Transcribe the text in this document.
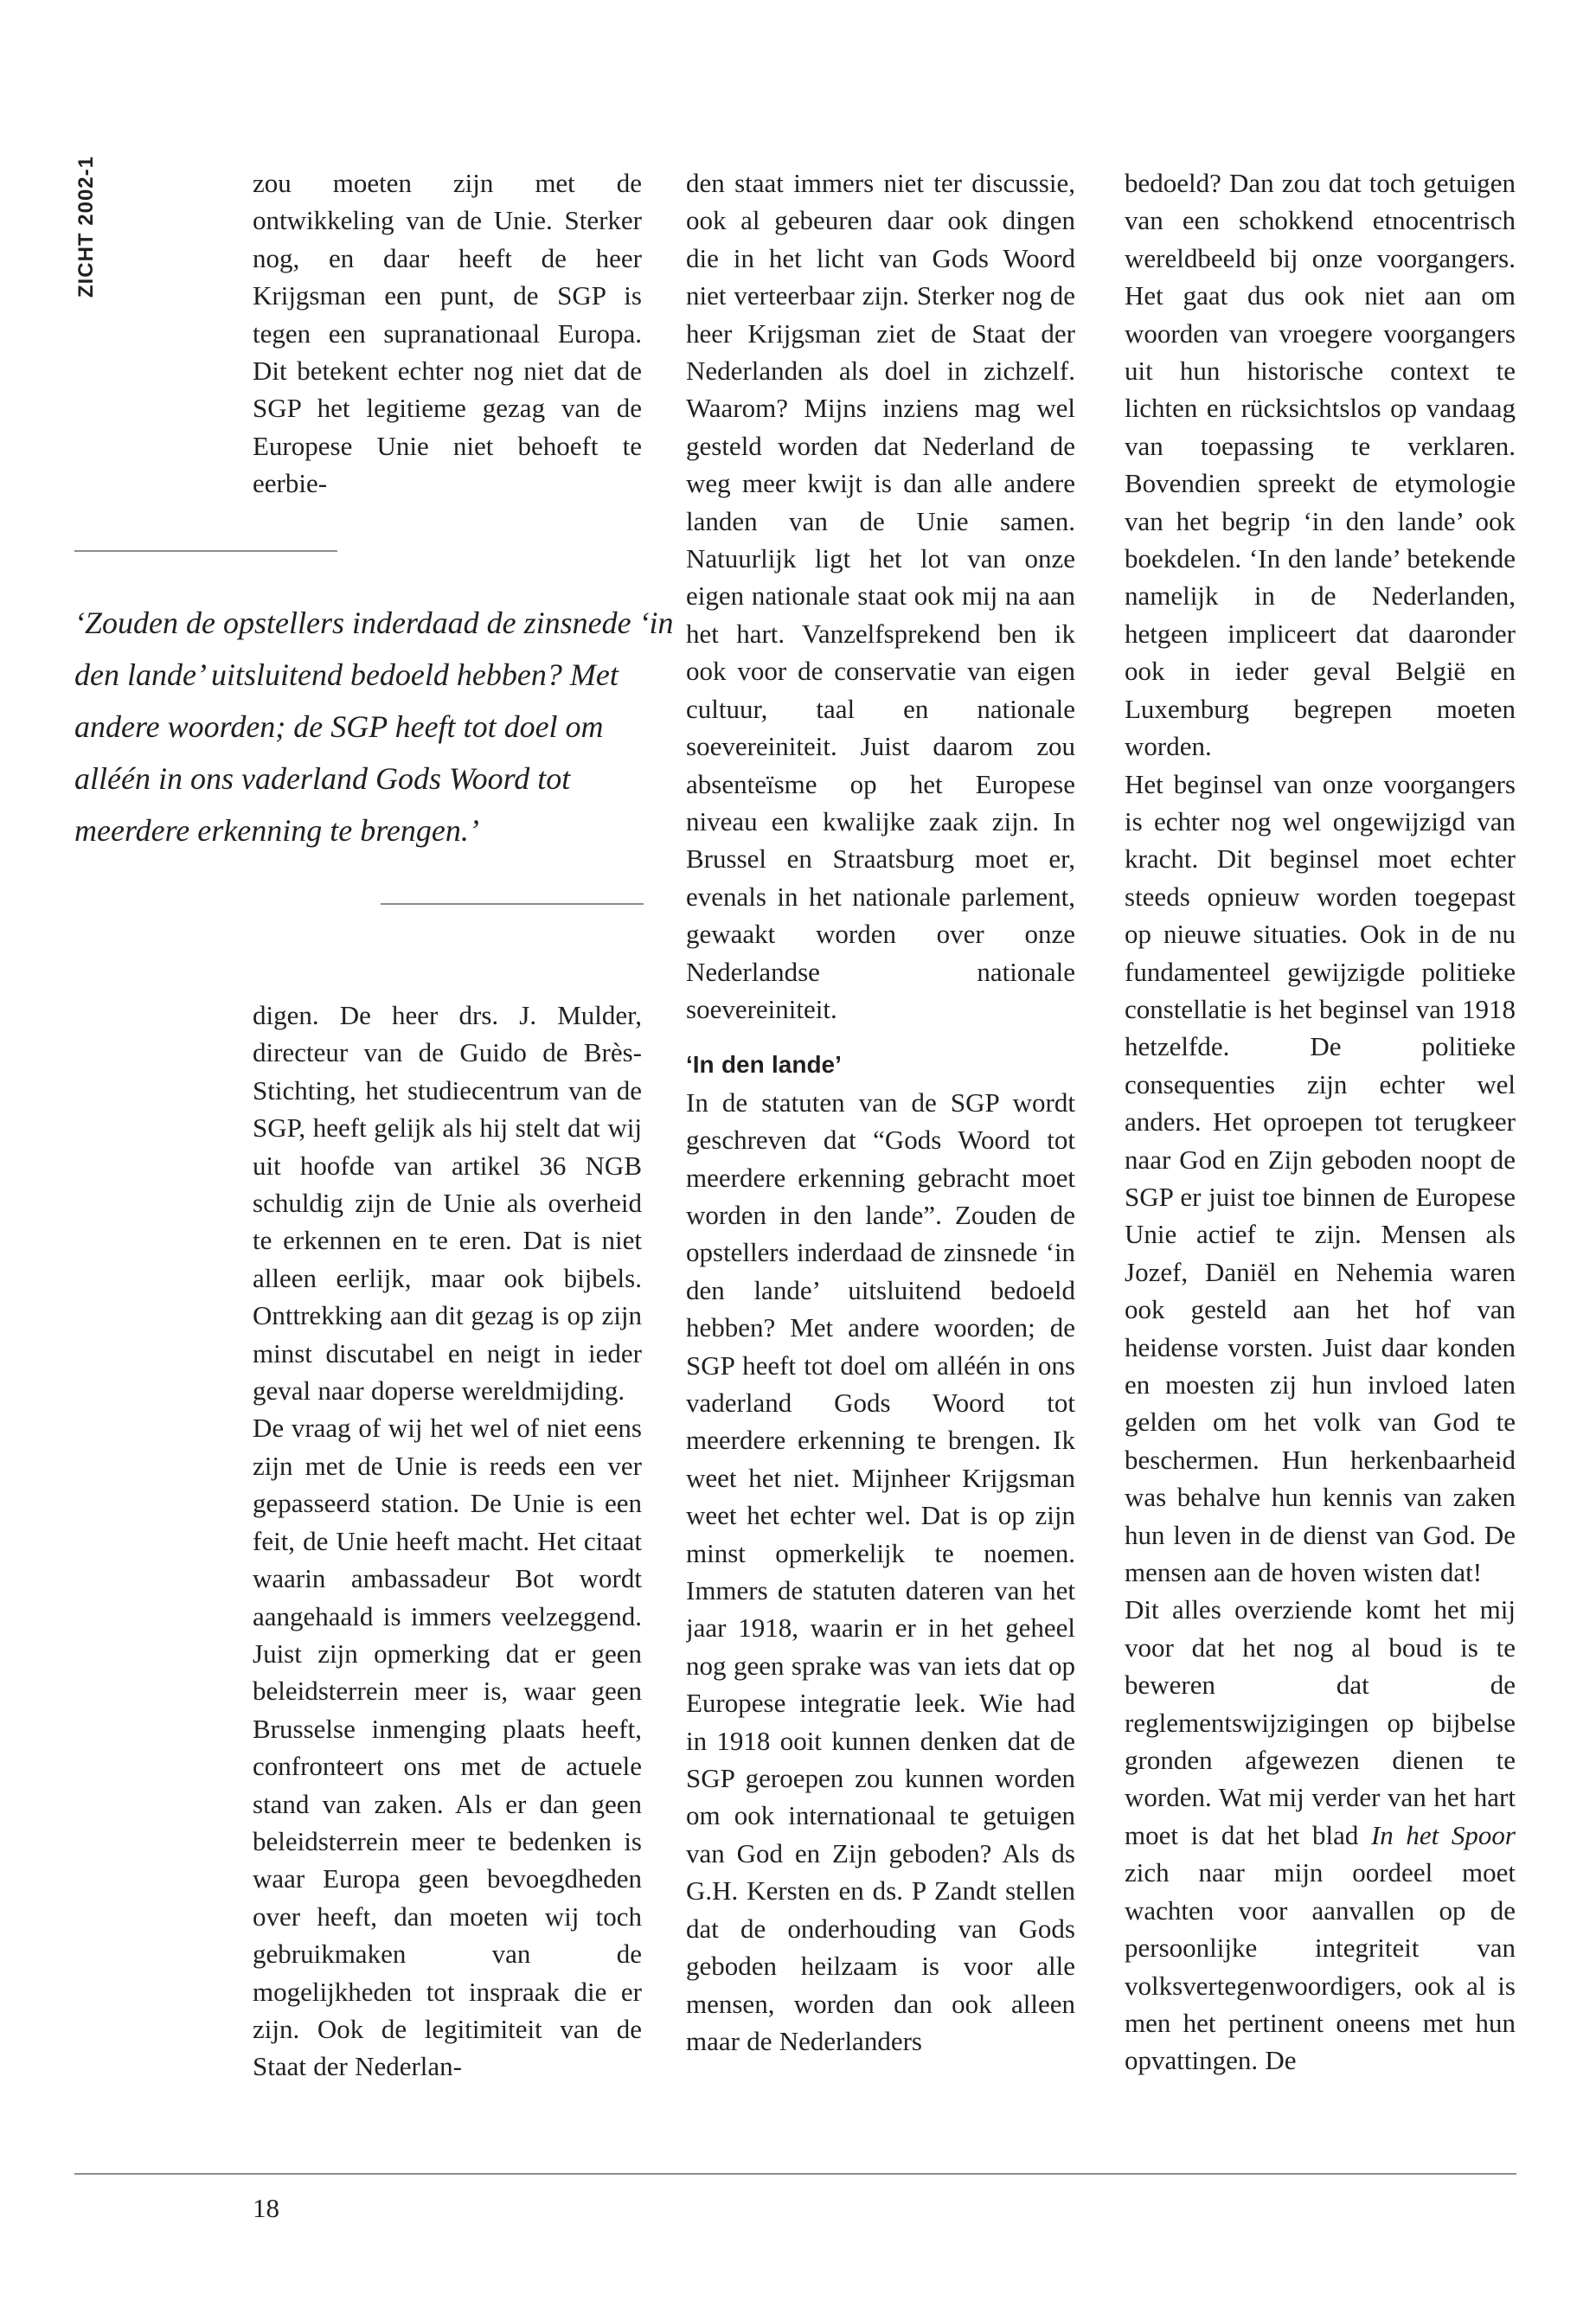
ZICHT 2002-1	zou moeten zijn met de ontwikkeling van de Unie. Sterker nog, en daar heeft de heer Krijgsman een punt, de SGP is tegen een supranationaal Europa. Dit betekent echter nog niet dat de SGP het legitieme gezag van de Europese Unie niet behoeft te eerbie-

‘Zouden de opstellers inderdaad de zinsnede ‘in den lande’ uitsluitend bedoeld hebben? Met andere woorden; de SGP heeft tot doel om alléén in ons vaderland Gods Woord tot meerdere erkenning te brengen.’

digen. De heer drs. J. Mulder, directeur van de Guido de Brès-Stichting, het studiecentrum van de SGP, heeft gelijk als hij stelt dat wij uit hoofde van artikel 36 NGB schuldig zijn de Unie als overheid te erkennen en te eren. Dat is niet alleen eerlijk, maar ook bijbels. Onttrekking aan dit gezag is op zijn minst discutabel en neigt in ieder geval naar doperse wereldmijding.

De vraag of wij het wel of niet eens zijn met de Unie is reeds een ver gepasseerd station. De Unie is een feit, de Unie heeft macht. Het citaat waarin ambassadeur Bot wordt aangehaald is immers veelzeggend. Juist zijn opmerking dat er geen beleidsterrein meer is, waar geen Brusselse inmenging plaats heeft, confronteert ons met de actuele stand van zaken. Als er dan geen beleidsterrein meer te bedenken is waar Europa geen bevoegdheden over heeft, dan moeten wij toch gebruikmaken van de mogelijkheden tot inspraak die er zijn. Ook de legitimiteit van de Staat der Nederlan-

den staat immers niet ter discussie, ook al gebeuren daar ook dingen die in het licht van Gods Woord niet verteerbaar zijn. Sterker nog de heer Krijgsman ziet de Staat der Nederlanden als doel in zichzelf. Waarom? Mijns inziens mag wel gesteld worden dat Nederland de weg meer kwijt is dan alle andere landen van de Unie samen. Natuurlijk ligt het lot van onze eigen nationale staat ook mij na aan het hart. Vanzelfsprekend ben ik ook voor de conservatie van eigen cultuur, taal en nationale soevereiniteit. Juist daarom zou absenteïsme op het Europese niveau een kwalijke zaak zijn. In Brussel en Straatsburg moet er, evenals in het nationale parlement, gewaakt worden over onze Nederlandse nationale soevereiniteit.

‘In den lande’

In de statuten van de SGP wordt geschreven dat “Gods Woord tot meerdere erkenning gebracht moet worden in den lande”. Zouden de opstellers inderdaad de zinsnede ‘in den lande’ uitsluitend bedoeld hebben? Met andere woorden; de SGP heeft tot doel om alléén in ons vaderland Gods Woord tot meerdere erkenning te brengen. Ik weet het niet. Mijnheer Krijgsman weet het echter wel. Dat is op zijn minst opmerkelijk te noemen. Immers de statuten dateren van het jaar 1918, waarin er in het geheel nog geen sprake was van iets dat op Europese integratie leek. Wie had in 1918 ooit kunnen denken dat de SGP geroepen zou kunnen worden om ook internationaal te getuigen van God en Zijn geboden? Als ds G.H. Kersten en ds. P Zandt stellen dat de onderhouding van Gods geboden heilzaam is voor alle mensen, worden dan ook alleen maar de Nederlanders

bedoeld? Dan zou dat toch getuigen van een schokkend etnocentrisch wereldbeeld bij onze voorgangers. Het gaat dus ook niet aan om woorden van vroegere voorgangers uit hun historische context te lichten en rücksichtslos op vandaag van toepassing te verklaren. Bovendien spreekt de etymologie van het begrip ‘in den lande’ ook boekdelen. ‘In den lande’ betekende namelijk in de Nederlanden, hetgeen impliceert dat daaronder ook in ieder geval België en Luxemburg begrepen moeten worden.

Het beginsel van onze voorgangers is echter nog wel ongewijzigd van kracht. Dit beginsel moet echter steeds opnieuw worden toegepast op nieuwe situaties. Ook in de nu fundamenteel gewijzigde politieke constellatie is het beginsel van 1918 hetzelfde. De politieke consequenties zijn echter wel anders. Het oproepen tot terugkeer naar God en Zijn geboden noopt de SGP er juist toe binnen de Europese Unie actief te zijn. Mensen als Jozef, Daniël en Nehemia waren ook gesteld aan het hof van heidense vorsten. Juist daar konden en moesten zij hun invloed laten gelden om het volk van God te beschermen. Hun herkenbaarheid was behalve hun kennis van zaken hun leven in de dienst van God. De mensen aan de hoven wisten dat!

Dit alles overziende komt het mij voor dat het nog al boud is te beweren dat de reglementswijzigingen op bijbelse gronden afgewezen dienen te worden. Wat mij verder van het hart moet is dat het blad In het Spoor zich naar mijn oordeel moet wachten voor aanvallen op de persoonlijke integriteit van volksvertegenwoordigers, ook al is men het pertinent oneens met hun opvattingen. De

18
